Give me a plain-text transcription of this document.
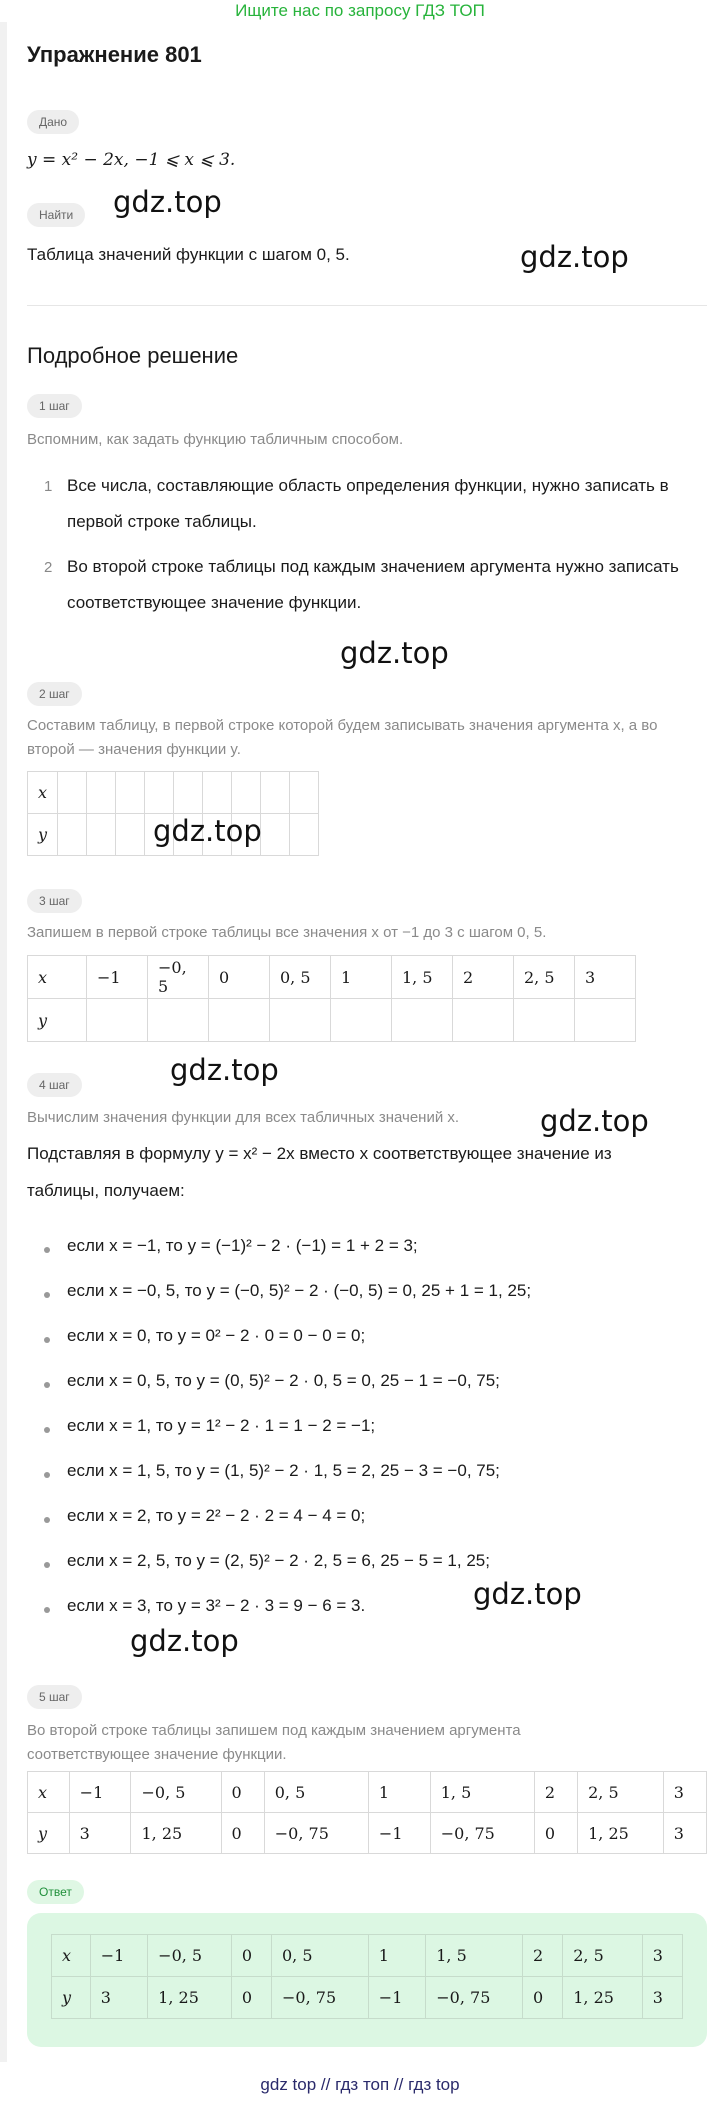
Ищите нас по запросу ГДЗ ТОП
Упражнение 801
Дано
y = x² − 2x, −1 ⩽ x ⩽ 3.
Найти
Таблица значений функции с шагом 0, 5.
gdz.top
gdz.top
Подробное решение
1 шаг
Вспомним, как задать функцию табличным способом.
1 Все числа, составляющие область определения функции, нужно записать в первой строке таблицы.
2 Во второй строке таблицы под каждым значением аргумента нужно записать соответствующее значение функции.
gdz.top
2 шаг
Составим таблицу, в первой строке которой будем записывать значения аргумента x, а во второй — значения функции y.
x									
y										gdz.top
3 шаг
Запишем в первой строке таблицы все значения x от −1 до 3 с шагом 0, 5.
x	−1	−0, 5	0	0, 5	1	1, 5	2	2, 5	3
y									
gdz.top
4 шаг
gdz.top
Вычислим значения функции для всех табличных значений x.
Подставляя в формулу y = x² − 2x вместо x соответствующее значение из
таблицы, получаем:
если x = −1, то y = (−1)² − 2 · (−1) = 1 + 2 = 3;
если x = −0, 5, то y = (−0, 5)² − 2 · (−0, 5) = 0, 25 + 1 = 1, 25;
если x = 0, то y = 0² − 2 · 0 = 0 − 0 = 0;
если x = 0, 5, то y = (0, 5)² − 2 · 0, 5 = 0, 25 − 1 = −0, 75;
если x = 1, то y = 1² − 2 · 1 = 1 − 2 = −1;
если x = 1, 5, то y = (1, 5)² − 2 · 1, 5 = 2, 25 − 3 = −0, 75;
если x = 2, то y = 2² − 2 · 2 = 4 − 4 = 0;
если x = 2, 5, то y = (2, 5)² − 2 · 2, 5 = 6, 25 − 5 = 1, 25;
если x = 3, то y = 3² − 2 · 3 = 9 − 6 = 3.	gdz.top
gdz.top
5 шаг
Во второй строке таблицы запишем под каждым значением аргумента соответствующее значение функции.
x	−1	−0, 5	0	0, 5	1	1, 5	2	2, 5	3
y	3	1, 25	0	−0, 75	−1	−0, 75	0	1, 25	3
Ответ
x	−1	−0, 5	0	0, 5	1	1, 5	2	2, 5	3
y	3	1, 25	0	−0, 75	−1	−0, 75	0	1, 25	3
gdz top // гдз топ // гдз top
